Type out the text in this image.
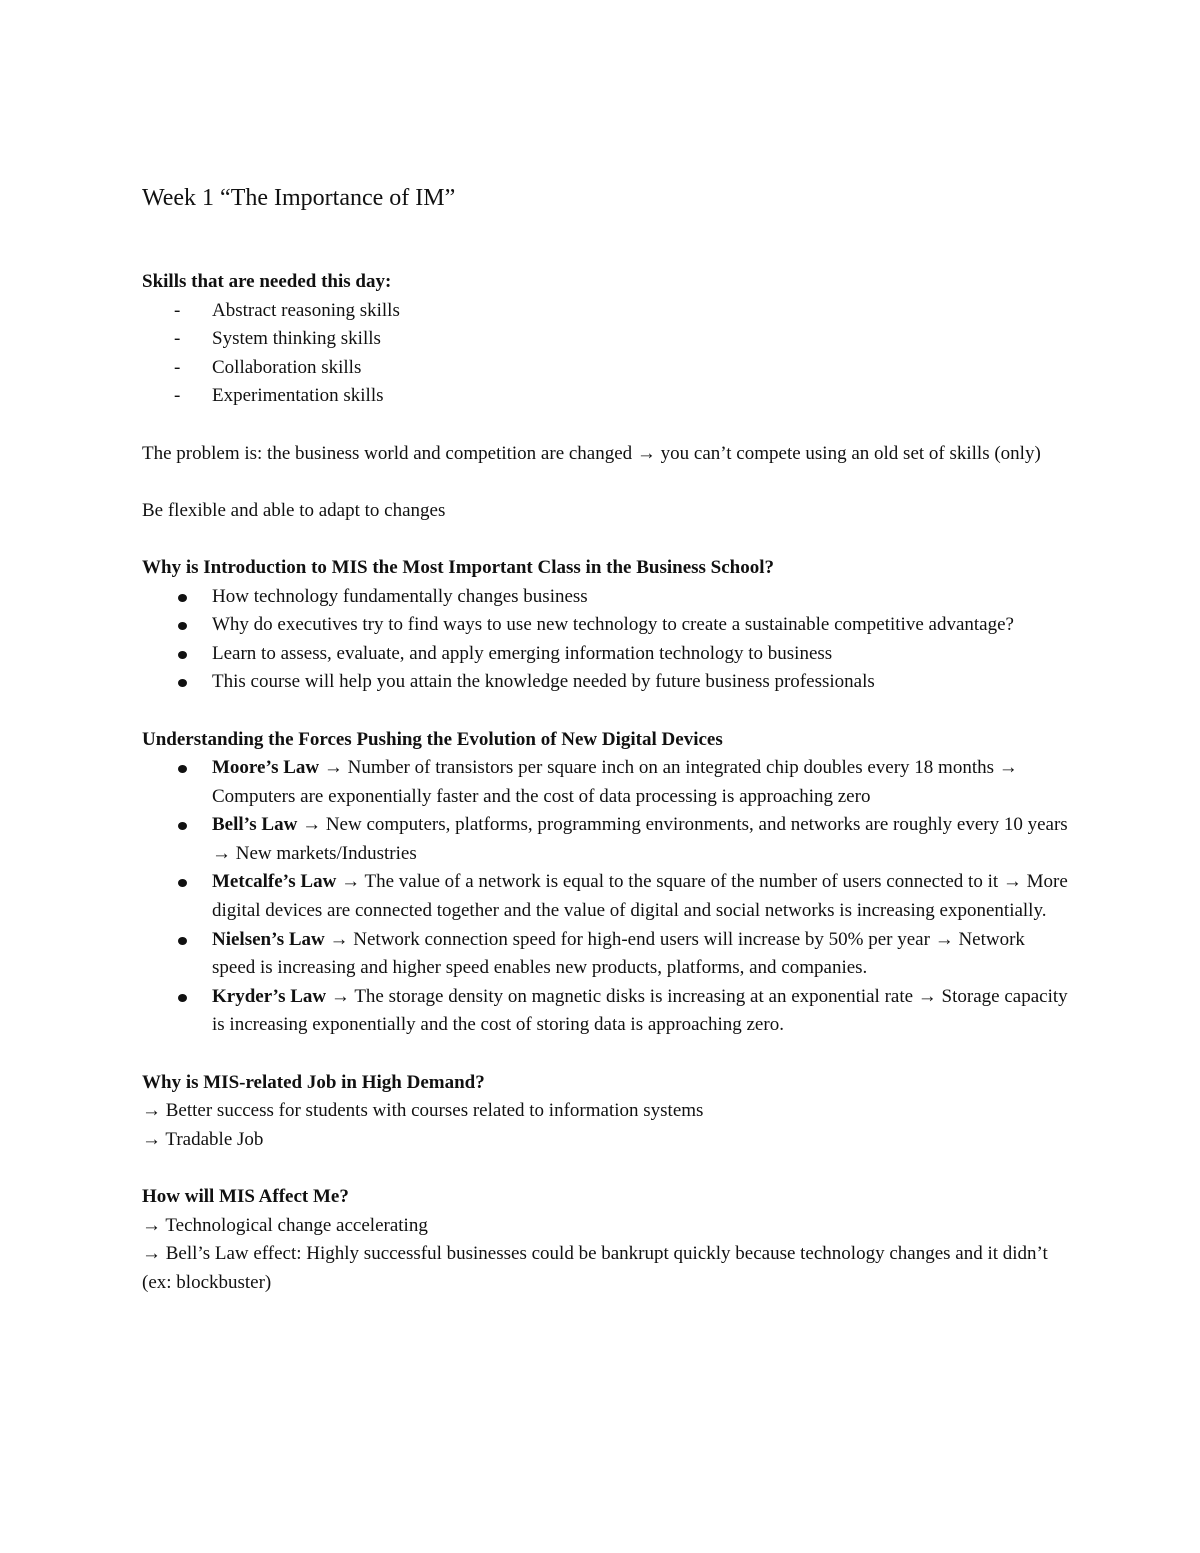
Week 1 “The Importance of IM”

Skills that are needed this day:

- Abstract reasoning skills
- System thinking skills
- Collaboration skills
- Experimentation skills

The problem is: the business world and competition are changed → you can’t compete using an old set of skills (only)

Be flexible and able to adapt to changes

Why is Introduction to MIS the Most Important Class in the Business School?

How technology fundamentally changes business
Why do executives try to find ways to use new technology to create a sustainable competitive advantage?
Learn to assess, evaluate, and apply emerging information technology to business
This course will help you attain the knowledge needed by future business professionals

Understanding the Forces Pushing the Evolution of New Digital Devices

Moore’s Law → Number of transistors per square inch on an integrated chip doubles every 18 months → Computers are exponentially faster and the cost of data processing is approaching zero
Bell’s Law → New computers, platforms, programming environments, and networks are roughly every 10 years → New markets/Industries
Metcalfe’s Law → The value of a network is equal to the square of the number of users connected to it → More digital devices are connected together and the value of digital and social networks is increasing exponentially.
Nielsen’s Law → Network connection speed for high-end users will increase by 50% per year → Network speed is increasing and higher speed enables new products, platforms, and companies.
Kryder’s Law → The storage density on magnetic disks is increasing at an exponential rate → Storage capacity is increasing exponentially and the cost of storing data is approaching zero.

Why is MIS-related Job in High Demand?

→ Better success for students with courses related to information systems

→ Tradable Job

How will MIS Affect Me?

→ Technological change accelerating

→ Bell’s Law effect: Highly successful businesses could be bankrupt quickly because technology changes and it didn’t (ex: blockbuster)
